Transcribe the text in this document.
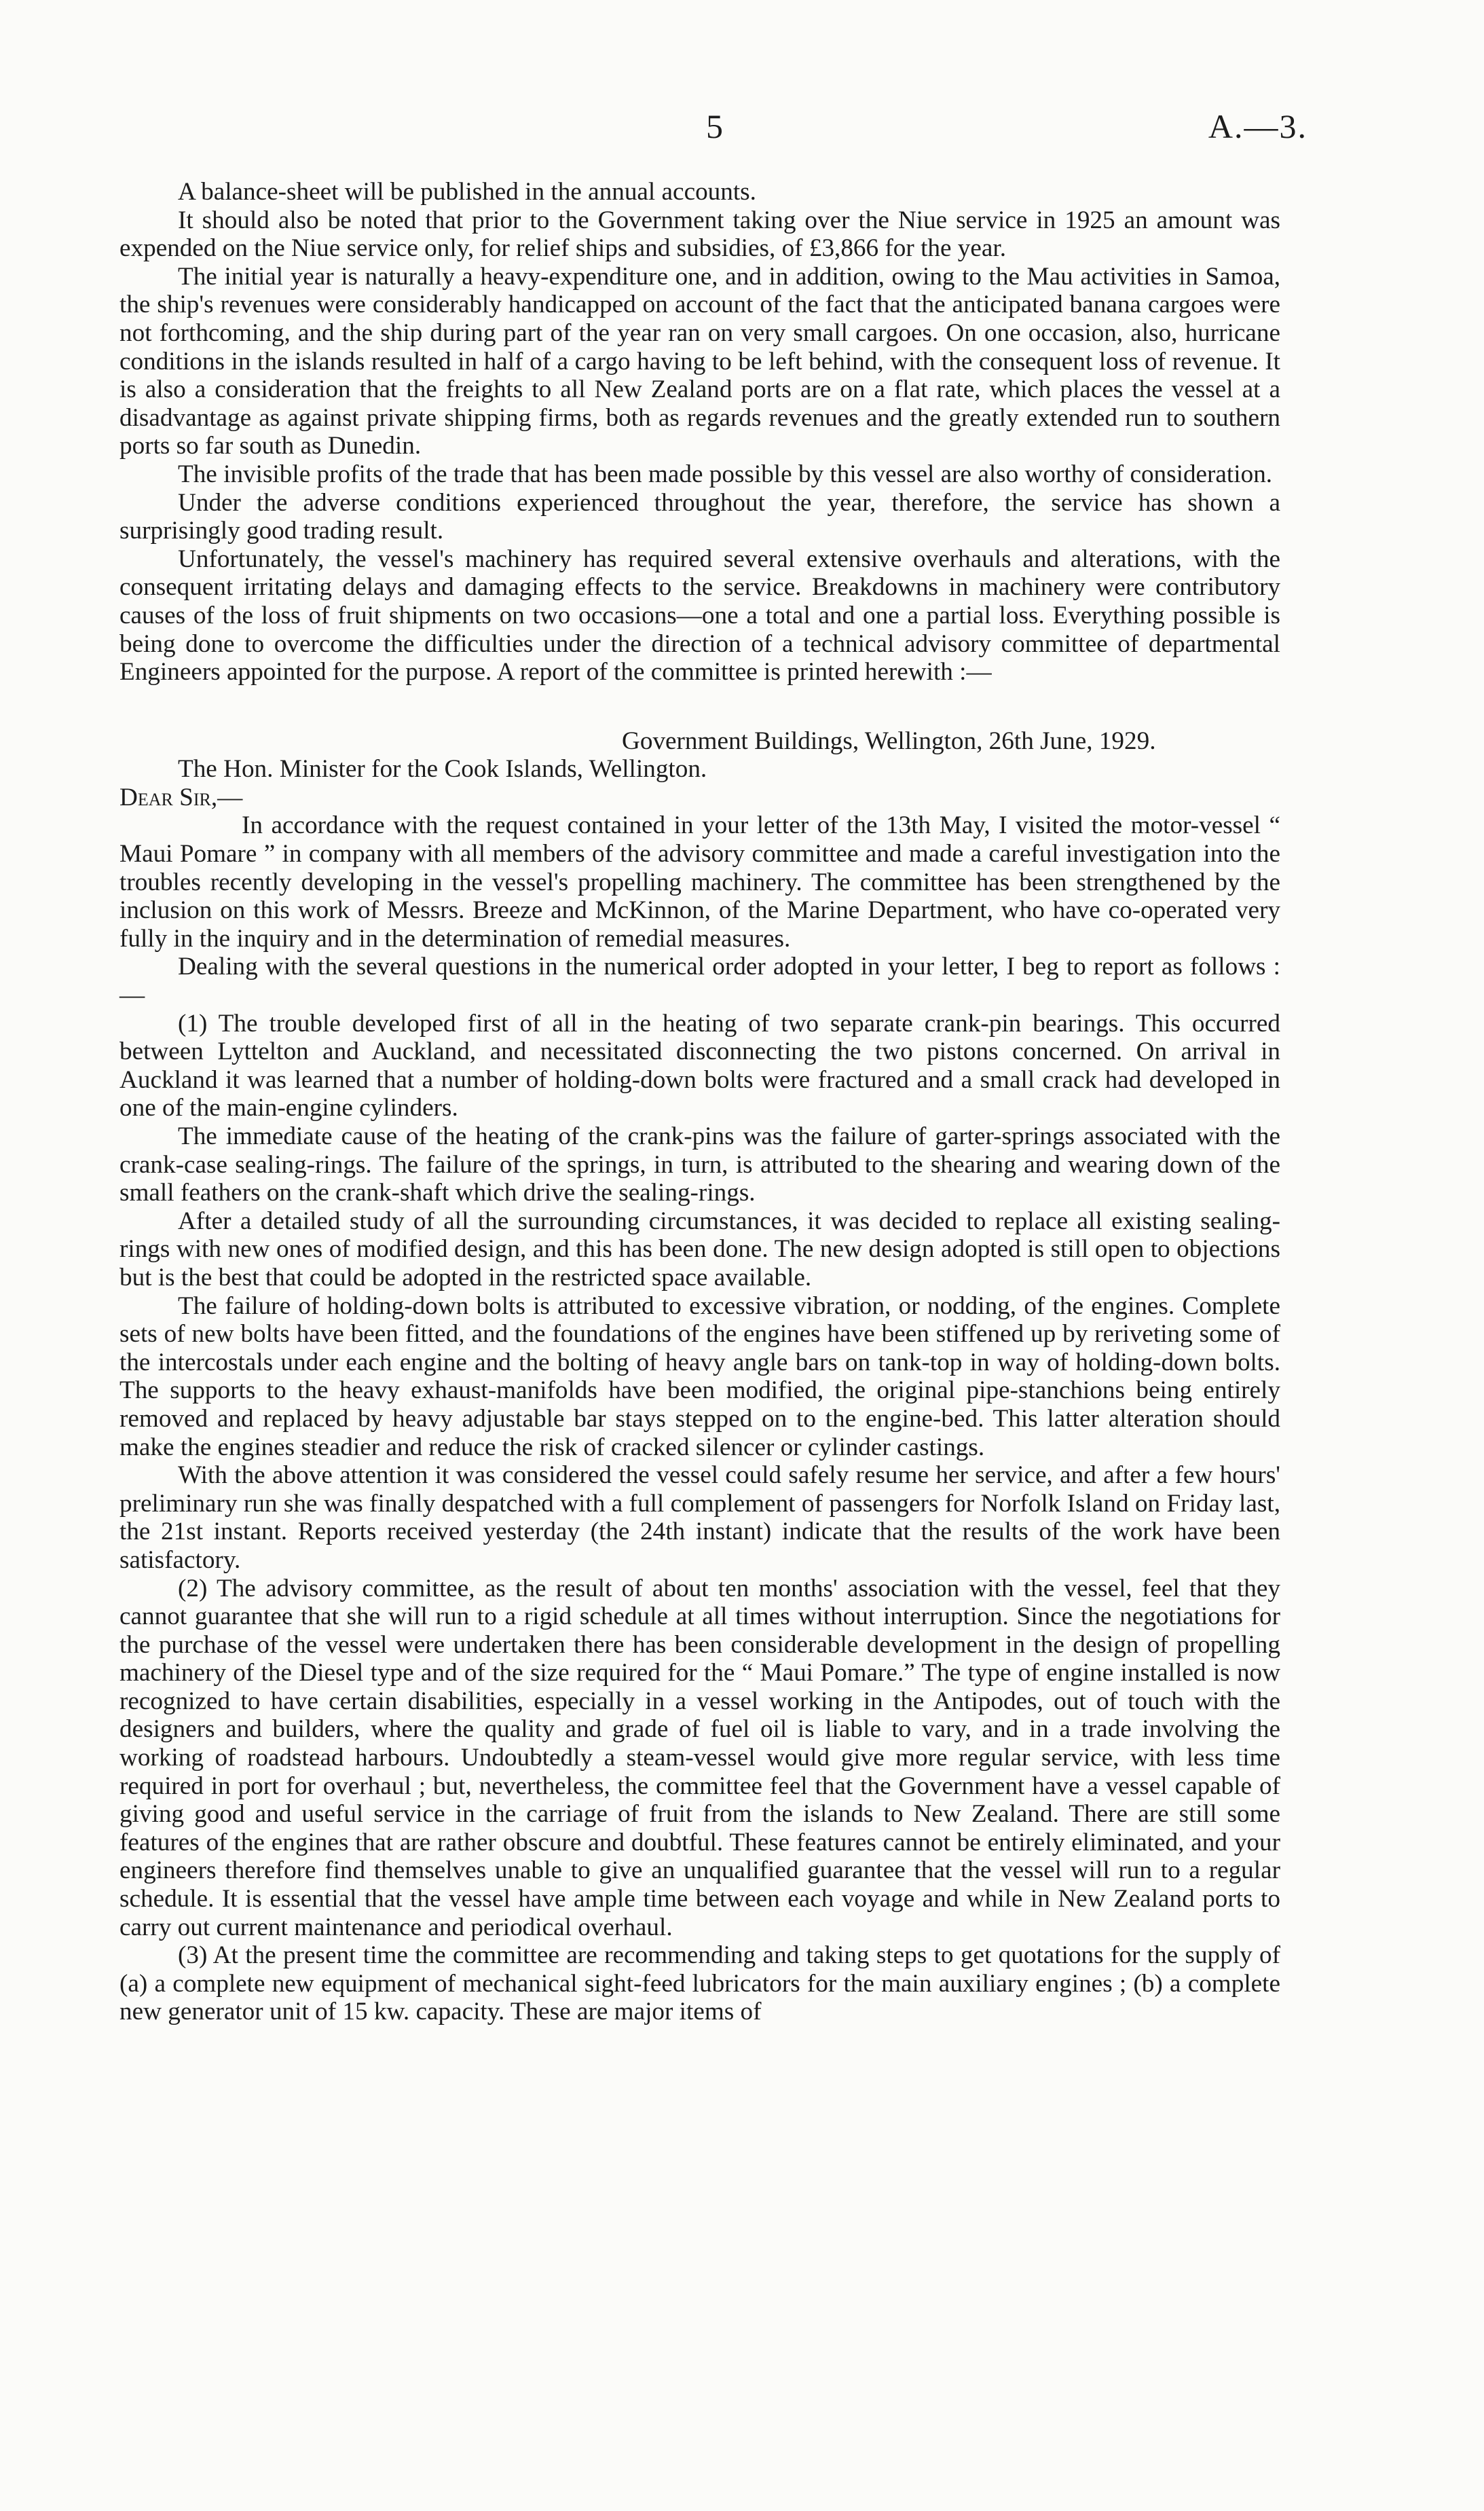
5	A.—3.

A balance-sheet will be published in the annual accounts.

It should also be noted that prior to the Government taking over the Niue service in 1925 an amount was expended on the Niue service only, for relief ships and subsidies, of £3,866 for the year.

The initial year is naturally a heavy-expenditure one, and in addition, owing to the Mau activities in Samoa, the ship's revenues were considerably handicapped on account of the fact that the anticipated banana cargoes were not forthcoming, and the ship during part of the year ran on very small cargoes. On one occasion, also, hurricane conditions in the islands resulted in half of a cargo having to be left behind, with the consequent loss of revenue. It is also a consideration that the freights to all New Zealand ports are on a flat rate, which places the vessel at a disadvantage as against private shipping firms, both as regards revenues and the greatly extended run to southern ports so far south as Dunedin.

The invisible profits of the trade that has been made possible by this vessel are also worthy of consideration.

Under the adverse conditions experienced throughout the year, therefore, the service has shown a surprisingly good trading result.

Unfortunately, the vessel's machinery has required several extensive overhauls and alterations, with the consequent irritating delays and damaging effects to the service. Breakdowns in machinery were contributory causes of the loss of fruit shipments on two occasions—one a total and one a partial loss. Everything possible is being done to overcome the difficulties under the direction of a technical advisory committee of departmental Engineers appointed for the purpose. A report of the committee is printed herewith :—

Government Buildings, Wellington, 26th June, 1929.

The Hon. Minister for the Cook Islands, Wellington.

Dear Sir,—

In accordance with the request contained in your letter of the 13th May, I visited the motor-vessel “ Maui Pomare ” in company with all members of the advisory committee and made a careful investigation into the troubles recently developing in the vessel's propelling machinery. The committee has been strengthened by the inclusion on this work of Messrs. Breeze and McKinnon, of the Marine Department, who have co-operated very fully in the inquiry and in the determination of remedial measures.

Dealing with the several questions in the numerical order adopted in your letter, I beg to report as follows :—

(1) The trouble developed first of all in the heating of two separate crank-pin bearings. This occurred between Lyttelton and Auckland, and necessitated disconnecting the two pistons concerned. On arrival in Auckland it was learned that a number of holding-down bolts were fractured and a small crack had developed in one of the main-engine cylinders.

The immediate cause of the heating of the crank-pins was the failure of garter-springs associated with the crank-case sealing-rings. The failure of the springs, in turn, is attributed to the shearing and wearing down of the small feathers on the crank-shaft which drive the sealing-rings.

After a detailed study of all the surrounding circumstances, it was decided to replace all existing sealing-rings with new ones of modified design, and this has been done. The new design adopted is still open to objections but is the best that could be adopted in the restricted space available.

The failure of holding-down bolts is attributed to excessive vibration, or nodding, of the engines. Complete sets of new bolts have been fitted, and the foundations of the engines have been stiffened up by reriveting some of the intercostals under each engine and the bolting of heavy angle bars on tank-top in way of holding-down bolts. The supports to the heavy exhaust-manifolds have been modified, the original pipe-stanchions being entirely removed and replaced by heavy adjustable bar stays stepped on to the engine-bed. This latter alteration should make the engines steadier and reduce the risk of cracked silencer or cylinder castings.

With the above attention it was considered the vessel could safely resume her service, and after a few hours' preliminary run she was finally despatched with a full complement of passengers for Norfolk Island on Friday last, the 21st instant. Reports received yesterday (the 24th instant) indicate that the results of the work have been satisfactory.

(2) The advisory committee, as the result of about ten months' association with the vessel, feel that they cannot guarantee that she will run to a rigid schedule at all times without interruption. Since the negotiations for the purchase of the vessel were undertaken there has been considerable development in the design of propelling machinery of the Diesel type and of the size required for the “ Maui Pomare.” The type of engine installed is now recognized to have certain disabilities, especially in a vessel working in the Antipodes, out of touch with the designers and builders, where the quality and grade of fuel oil is liable to vary, and in a trade involving the working of roadstead harbours. Undoubtedly a steam-vessel would give more regular service, with less time required in port for overhaul ; but, nevertheless, the committee feel that the Government have a vessel capable of giving good and useful service in the carriage of fruit from the islands to New Zealand. There are still some features of the engines that are rather obscure and doubtful. These features cannot be entirely eliminated, and your engineers therefore find themselves unable to give an unqualified guarantee that the vessel will run to a regular schedule. It is essential that the vessel have ample time between each voyage and while in New Zealand ports to carry out current maintenance and periodical overhaul.

(3) At the present time the committee are recommending and taking steps to get quotations for the supply of (a) a complete new equipment of mechanical sight-feed lubricators for the main auxiliary engines ; (b) a complete new generator unit of 15 kw. capacity. These are major items of
